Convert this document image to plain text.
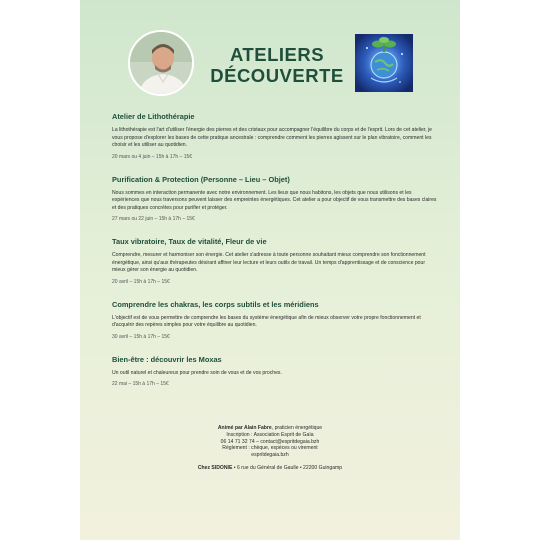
ATELIERS
DÉCOUVERTE
Atelier de Lithothérapie

La lithothérapie est l'art d'utiliser l'énergie des pierres et des cristaux pour accompagner l'équilibre du corps et de l'esprit. Lors de cet atelier, je vous propose d'explorer les bases de cette pratique ancestrale : comprendre comment les pierres agissent sur le plan vibratoire, comment les choisir et les utiliser au quotidien.

20 mars ou 4 juin – 15h à 17h – 15€

Purification & Protection (Personne – Lieu – Objet)

Nous sommes en interaction permanente avec notre environnement. Les lieux que nous habitons, les objets que nous utilisons et les expériences que nous traversons peuvent laisser des empreintes énergétiques. Cet atelier a pour objectif de vous transmettre des bases claires et des pratiques concrètes pour purifier et protéger.

27 mars ou 22 juin – 15h à 17h – 15€

Taux vibratoire, Taux de vitalité, Fleur de vie

Comprendre, mesurer et harmoniser son énergie. Cet atelier s'adresse à toute personne souhaitant mieux comprendre son fonctionnement énergétique, ainsi qu'aux thérapeutes désirant affiner leur lecture et leurs outils de travail. Un temps d'apprentissage et de conscience pour mieux gérer son énergie au quotidien.

20 avril – 15h à 17h – 15€

Comprendre les chakras, les corps subtils et les méridiens

L'objectif est de vous permettre de comprendre les bases du système énergétique afin de mieux observer votre propre fonctionnement et d'acquérir des repères simples pour votre équilibre au quotidien.

30 avril – 15h à 17h – 15€

Bien-être : découvrir les Moxas

Un outil naturel et chaleureux pour prendre soin de vous et de vos proches.

22 mai – 15h à 17h – 15€

Animé par Alain Fabre, praticien énergétique
Inscription : Association Esprit de Gaïa
06 14 71 32 74 – contact@espritdegaia.bzh
Règlement : chèque, espèces ou virement
espritdegaia.bzh
Chez SIDONIE • 6 rue du Général de Gaulle • 22200 Guingamp
